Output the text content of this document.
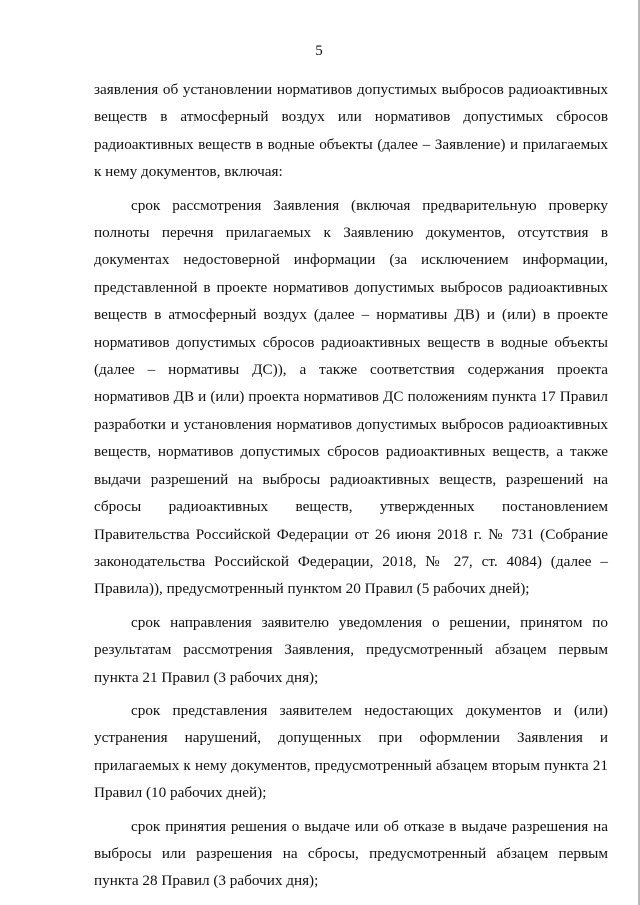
5

заявления об установлении нормативов допустимых выбросов радиоактивных веществ в атмосферный воздух или нормативов допустимых сбросов радиоактивных веществ в водные объекты (далее – Заявление) и прилагаемых к нему документов, включая:

срок рассмотрения Заявления (включая предварительную проверку полноты перечня прилагаемых к Заявлению документов, отсутствия в документах недостоверной информации (за исключением информации, представленной в проекте нормативов допустимых выбросов радиоактивных веществ в атмосферный воздух (далее – нормативы ДВ) и (или) в проекте нормативов допустимых сбросов радиоактивных веществ в водные объекты (далее – нормативы ДС)), а также соответствия содержания проекта нормативов ДВ и (или) проекта нормативов ДС положениям пункта 17 Правил разработки и установления нормативов допустимых выбросов радиоактивных веществ, нормативов допустимых сбросов радиоактивных веществ, а также выдачи разрешений на выбросы радиоактивных веществ, разрешений на сбросы радиоактивных веществ, утвержденных постановлением Правительства Российской Федерации от 26 июня 2018 г. № 731 (Собрание законодательства Российской Федерации, 2018, № 27, ст. 4084) (далее – Правила)), предусмотренный пунктом 20 Правил (5 рабочих дней);

срок направления заявителю уведомления о решении, принятом по результатам рассмотрения Заявления, предусмотренный абзацем первым пункта 21 Правил (3 рабочих дня);

срок представления заявителем недостающих документов и (или) устранения нарушений, допущенных при оформлении Заявления и прилагаемых к нему документов, предусмотренный абзацем вторым пункта 21 Правил (10 рабочих дней);

срок принятия решения о выдаче или об отказе в выдаче разрешения на выбросы или разрешения на сбросы, предусмотренный абзацем первым пункта 28 Правил (3 рабочих дня);
